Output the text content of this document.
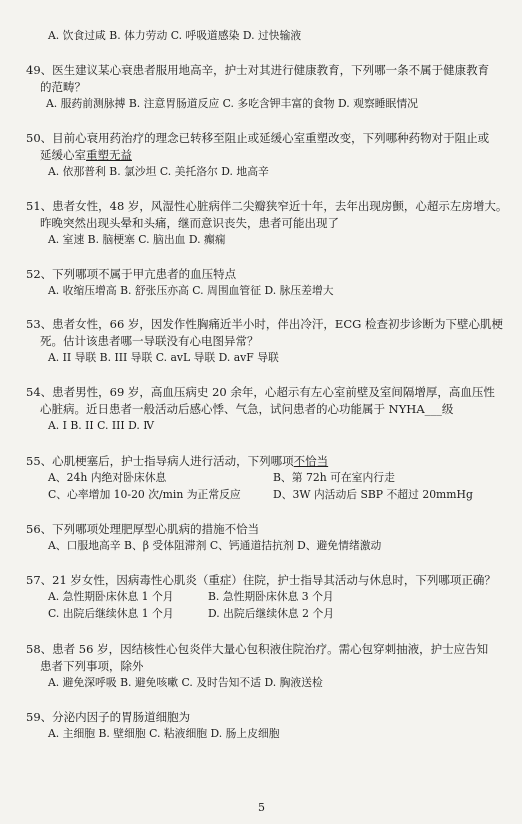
A. 饮食过咸 B. 体力劳动 C. 呼吸道感染 D. 过快输液
49、医生建议某心衰患者服用地高辛，护士对其进行健康教育，下列哪一条不属于健康教育
的范畴？
A. 服药前测脉搏 B. 注意胃肠道反应 C. 多吃含钾丰富的食物 D. 观察睡眠情况
50、目前心衰用药治疗的理念已转移至阻止或延缓心室重塑改变，下列哪种药物对于阻止或
延缓心室重塑无益
A. 依那普利 B. 氯沙坦 C. 美托洛尔 D. 地高辛
51、患者女性，48 岁，风湿性心脏病伴二尖瓣狭窄近十年，去年出现房颤，心超示左房增大。
昨晚突然出现头晕和头痛，继而意识丧失，患者可能出现了
A. 室速 B. 脑梗塞 C. 脑出血 D. 癫痫
52、下列哪项不属于甲亢患者的血压特点
A. 收缩压增高 B. 舒张压亦高 C. 周围血管征 D. 脉压差增大
53、患者女性，66 岁，因发作性胸痛近半小时，伴出冷汗，ECG 检查初步诊断为下壁心肌梗
死。估计该患者哪一导联没有心电图异常？
A. II 导联 B. III 导联 C. avL 导联 D. avF 导联
54、患者男性，69 岁，高血压病史 20 余年，心超示有左心室前壁及室间隔增厚，高血压性
心脏病。近日患者一般活动后感心悸、气急，试问患者的心功能属于 NYHA___级
A. I B. II C. III D. Ⅳ
55、心肌梗塞后，护士指导病人进行活动，下列哪项不恰当
A、24h 内绝对卧床休息	B、第 72h 可在室内行走
C、心率增加 10-20 次/min 为正常反应	D、3W 内活动后 SBP 不超过 20mmHg
56、下列哪项处理肥厚型心肌病的措施不恰当
A、口服地高辛 B、β 受体阻滞剂 C、钙通道拮抗剂 D、避免情绪激动
57、21 岁女性，因病毒性心肌炎（重症）住院，护士指导其活动与休息时，下列哪项正确？
A. 急性期卧床休息 1 个月	B. 急性期卧床休息 3 个月
C. 出院后继续休息 1 个月	D. 出院后继续休息 2 个月
58、患者 56 岁，因结核性心包炎伴大量心包积液住院治疗。需心包穿刺抽液，护士应告知
患者下列事项，除外
A. 避免深呼吸 B. 避免咳嗽 C. 及时告知不适 D. 胸液送检
59、分泌内因子的胃肠道细胞为
A. 主细胞 B. 壁细胞 C. 粘液细胞 D. 肠上皮细胞
5
